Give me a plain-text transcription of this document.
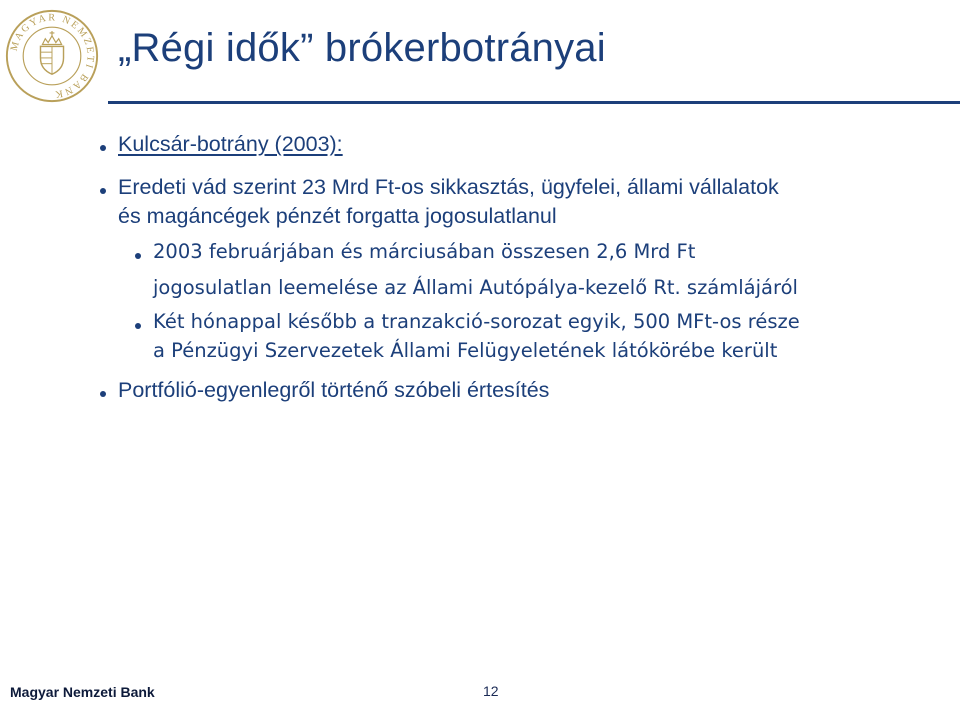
MAGYAR NEMZETI BANK
„Régi idők” brókerbotrányai
Kulcsár-botrány (2003):
Eredeti vád szerint 23 Mrd Ft-os sikkasztás, ügyfelei, állami vállalatok
és magáncégek pénzét forgatta jogosulatlanul
2003 februárjában és márciusában összesen 2,6 Mrd Ft
jogosulatlan leemelése az Állami Autópálya-kezelő Rt. számlájáról
Két hónappal később a tranzakció-sorozat egyik, 500 MFt-os része
a Pénzügyi Szervezetek Állami Felügyeletének látókörébe került
Portfólió-egyenlegről történő szóbeli értesítés
Magyar Nemzeti Bank	12
